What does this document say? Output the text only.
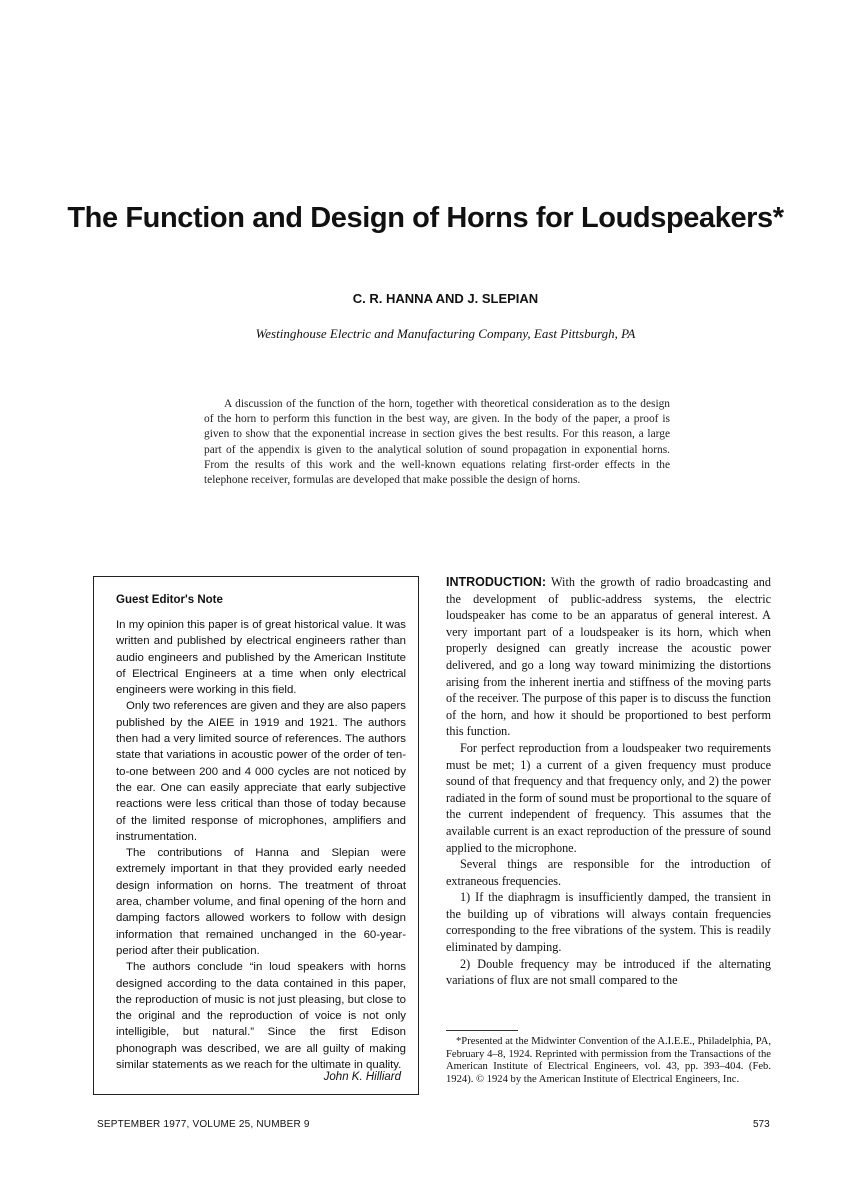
The Function and Design of Horns for Loudspeakers*
C. R. HANNA AND J. SLEPIAN
Westinghouse Electric and Manufacturing Company, East Pittsburgh, PA

A discussion of the function of the horn, together with theoretical consideration as to the design of the horn to perform this function in the best way, are given. In the body of the paper, a proof is given to show that the exponential increase in section gives the best results. For this reason, a large part of the appendix is given to the analytical solution of sound propagation in exponential horns. From the results of this work and the well-known equations relating first-order effects in the telephone receiver, formulas are developed that make possible the design of horns.

Guest Editor's Note

In my opinion this paper is of great historical value. It was written and published by electrical engineers rather than audio engineers and published by the American Institute of Electrical Engineers at a time when only electrical engineers were working in this field.

Only two references are given and they are also papers published by the AIEE in 1919 and 1921. The authors then had a very limited source of references. The authors state that variations in acoustic power of the order of ten-to-one between 200 and 4 000 cycles are not noticed by the ear. One can easily appreciate that early subjective reactions were less critical than those of today because of the limited response of microphones, amplifiers and instrumentation.

The contributions of Hanna and Slepian were extremely important in that they provided early needed design information on horns. The treatment of throat area, chamber volume, and final opening of the horn and damping factors allowed workers to follow with design information that remained unchanged in the 60-year-period after their publication.

The authors conclude “in loud speakers with horns designed according to the data contained in this paper, the reproduction of music is not just pleasing, but close to the original and the reproduction of voice is not only intelligible, but natural.” Since the first Edison phonograph was described, we are all guilty of making similar statements as we reach for the ultimate in quality.

John K. Hilliard

INTRODUCTION: With the growth of radio broadcasting and the development of public-address systems, the electric loudspeaker has come to be an apparatus of general interest. A very important part of a loudspeaker is its horn, which when properly designed can greatly increase the acoustic power delivered, and go a long way toward minimizing the distortions arising from the inherent inertia and stiffness of the moving parts of the receiver. The purpose of this paper is to discuss the function of the horn, and how it should be proportioned to best perform this function.

For perfect reproduction from a loudspeaker two requirements must be met; 1) a current of a given frequency must produce sound of that frequency and that frequency only, and 2) the power radiated in the form of sound must be proportional to the square of the current independent of frequency. This assumes that the available current is an exact reproduction of the pressure of sound applied to the microphone.

Several things are responsible for the introduction of extraneous frequencies.

1) If the diaphragm is insufficiently damped, the transient in the building up of vibrations will always contain frequencies corresponding to the free vibrations of the system. This is readily eliminated by damping.

2) Double frequency may be introduced if the alternating variations of flux are not small compared to the

*Presented at the Midwinter Convention of the A.I.E.E., Philadelphia, PA, February 4–8, 1924. Reprinted with permission from the Transactions of the American Institute of Electrical Engineers, vol. 43, pp. 393–404. (Feb. 1924). © 1924 by the American Institute of Electrical Engineers, Inc.

SEPTEMBER 1977, VOLUME 25, NUMBER 9	573
